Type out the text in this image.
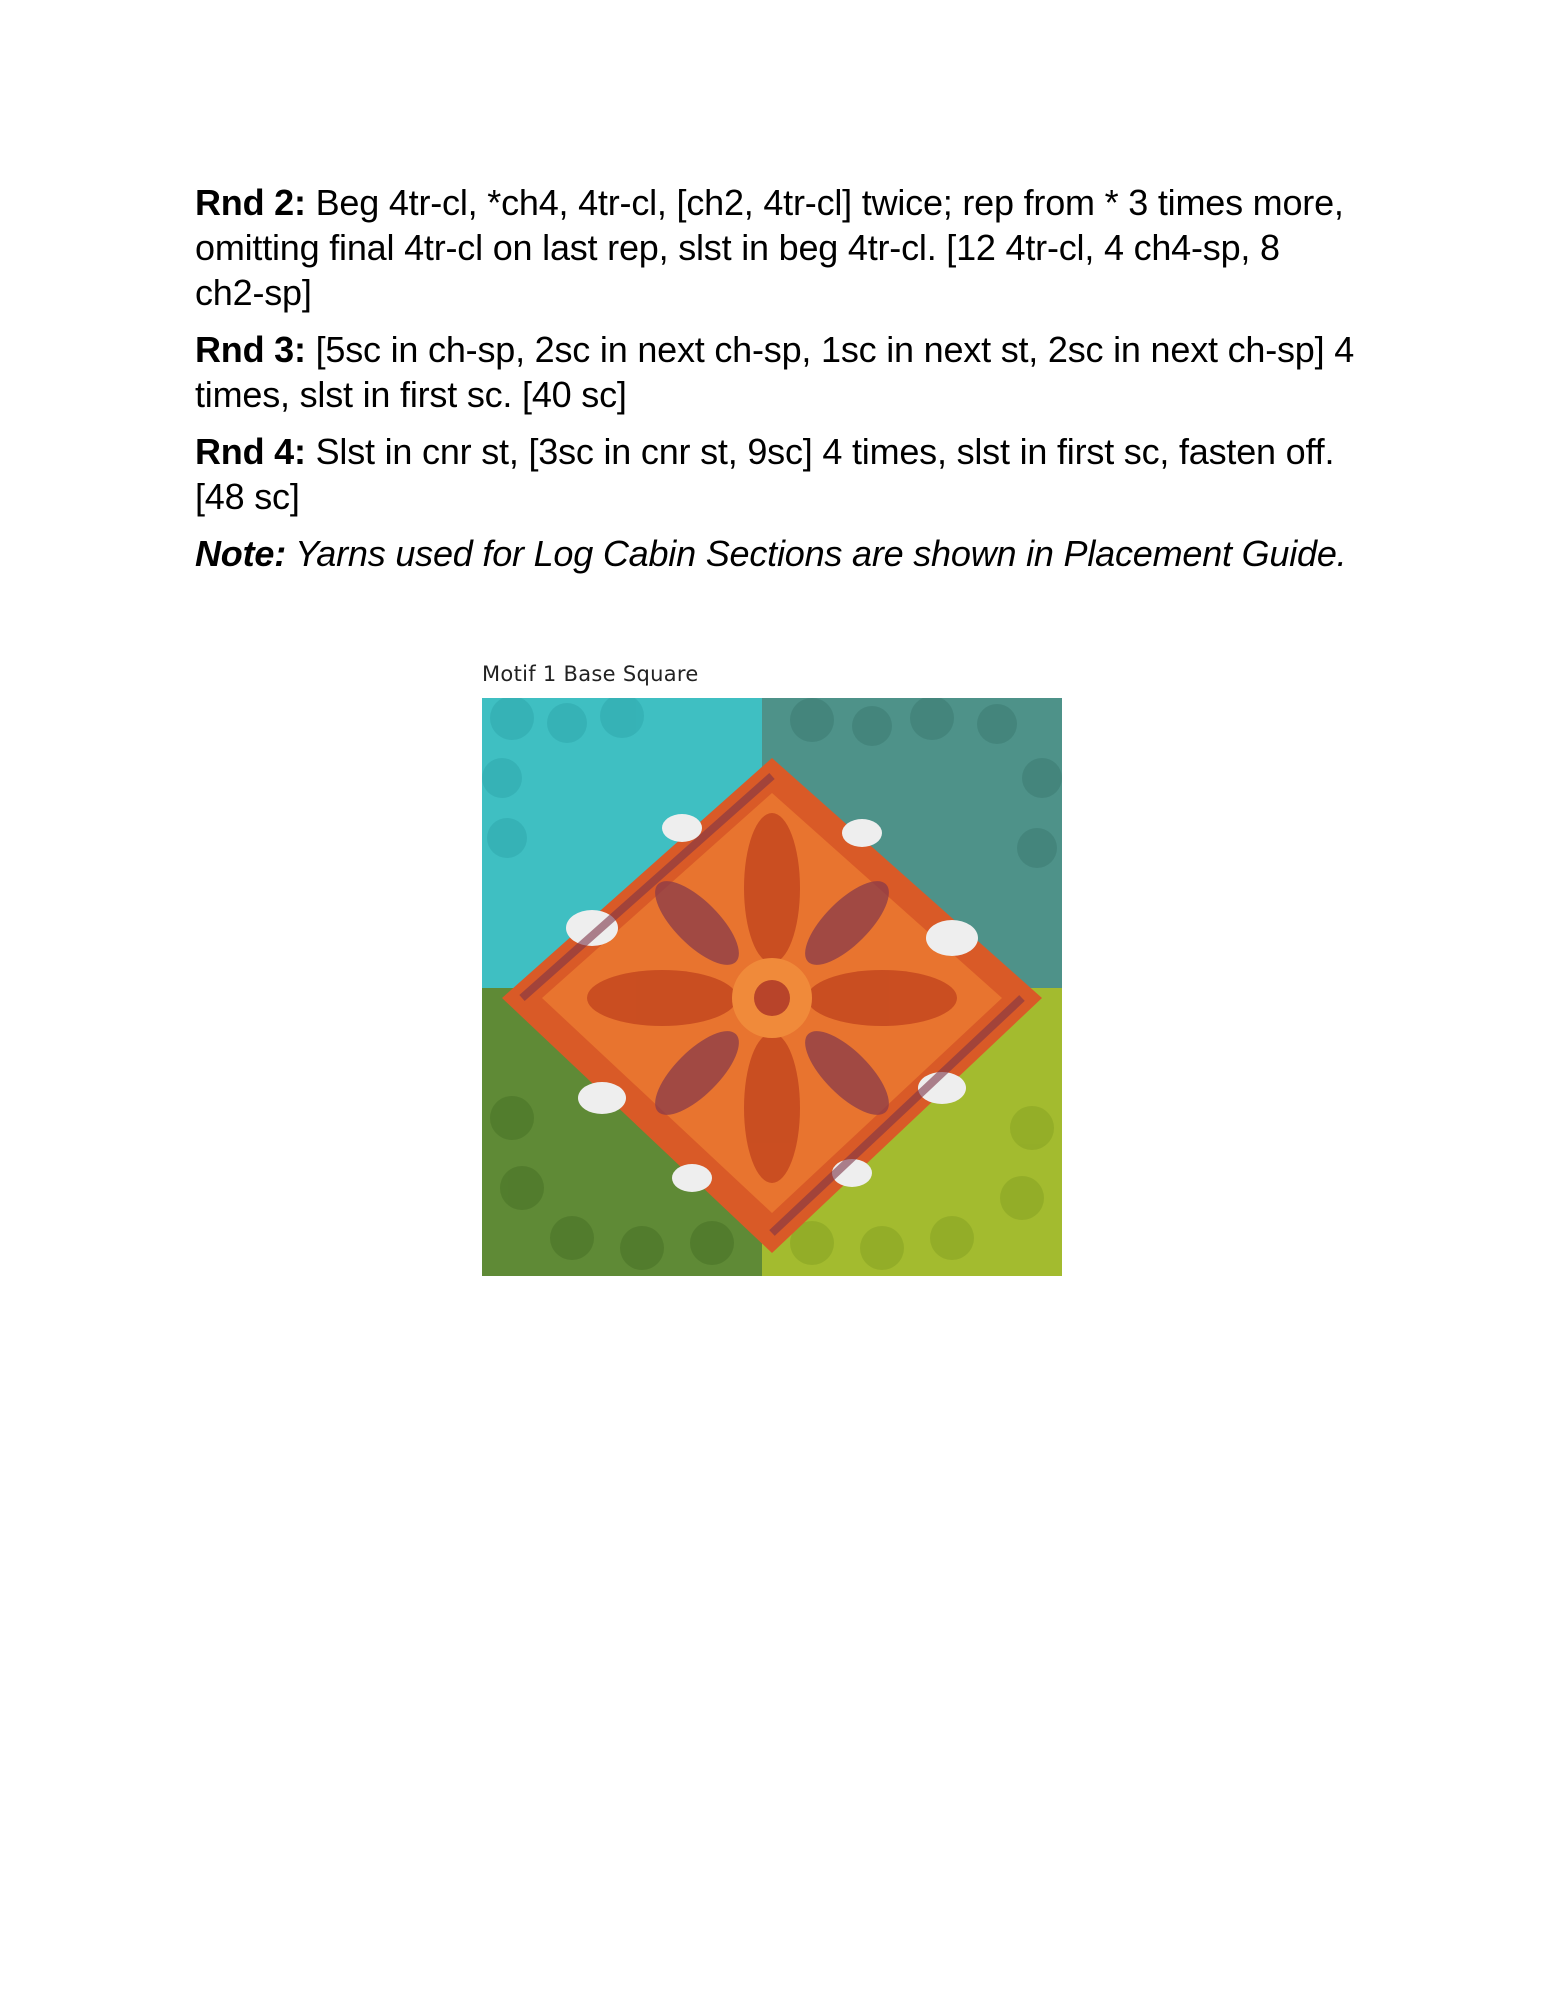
Rnd 2: Beg 4tr-cl, *ch4, 4tr-cl, [ch2, 4tr-cl] twice; rep from * 3 times more, omitting final 4tr-cl on last rep, slst in beg 4tr-cl. [12 4tr-cl, 4 ch4-sp, 8 ch2-sp]

Rnd 3: [5sc in ch-sp, 2sc in next ch-sp, 1sc in next st, 2sc in next ch-sp] 4 times, slst in first sc. [40 sc]

Rnd 4: Slst in cnr st, [3sc in cnr st, 9sc] 4 times, slst in first sc, fasten off. [48 sc]

Note: Yarns used for Log Cabin Sections are shown in Placement Guide.

Motif 1 Base Square
